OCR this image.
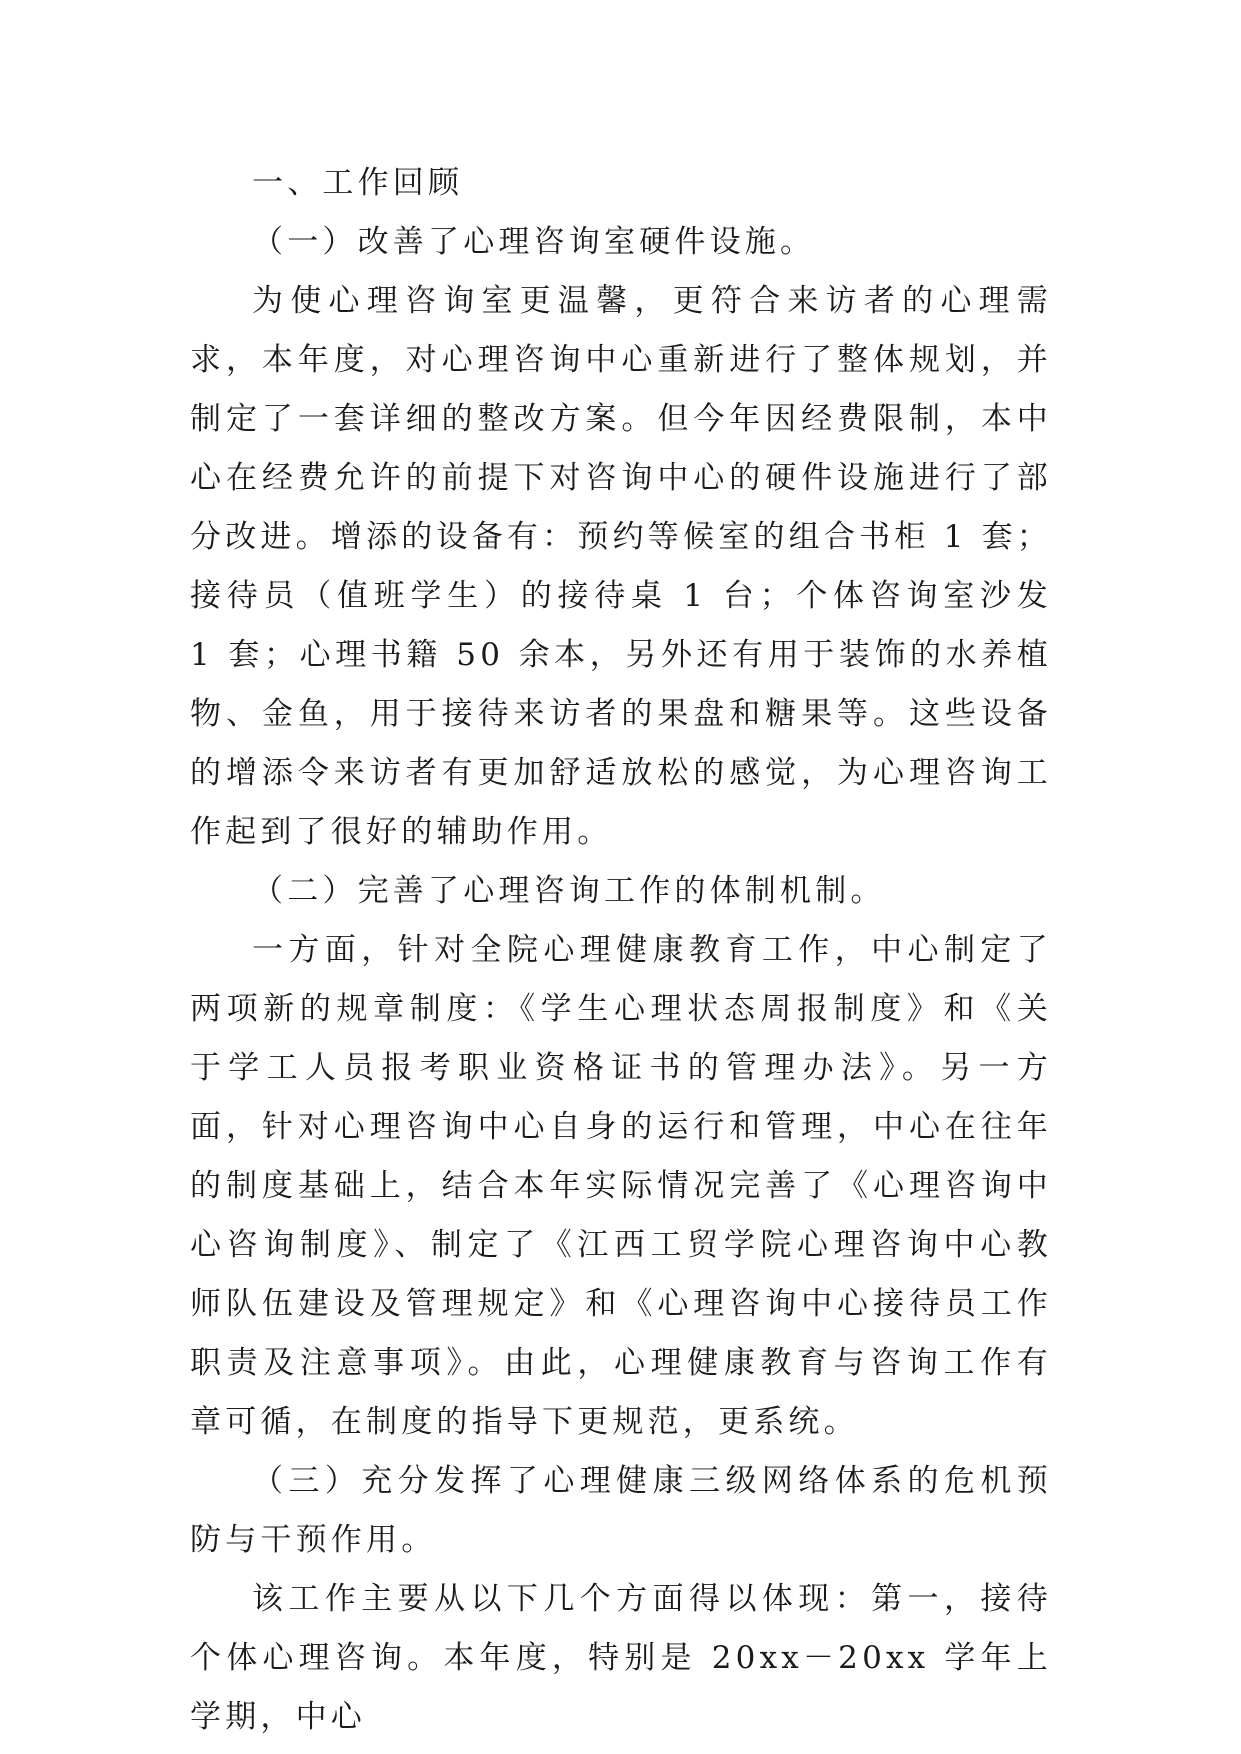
一、工作回顾

（一）改善了心理咨询室硬件设施。

为使心理咨询室更温馨，更符合来访者的心理需求，本年度，对心理咨询中心重新进行了整体规划，并制定了一套详细的整改方案。但今年因经费限制，本中心在经费允许的前提下对咨询中心的硬件设施进行了部分改进。增添的设备有：预约等候室的组合书柜 1 套；接待员（值班学生）的接待桌 1 台；个体咨询室沙发 1 套；心理书籍 50 余本，另外还有用于装饰的水养植物、金鱼，用于接待来访者的果盘和糖果等。这些设备的增添令来访者有更加舒适放松的感觉，为心理咨询工作起到了很好的辅助作用。

（二）完善了心理咨询工作的体制机制。

一方面，针对全院心理健康教育工作，中心制定了两项新的规章制度：《学生心理状态周报制度》和《关于学工人员报考职业资格证书的管理办法》。另一方面，针对心理咨询中心自身的运行和管理，中心在往年的制度基础上，结合本年实际情况完善了《心理咨询中心咨询制度》、制定了《江西工贸学院心理咨询中心教师队伍建设及管理规定》和《心理咨询中心接待员工作职责及注意事项》。由此，心理健康教育与咨询工作有章可循，在制度的指导下更规范，更系统。

（三）充分发挥了心理健康三级网络体系的危机预防与干预作用。

该工作主要从以下几个方面得以体现：第一，接待个体心理咨询。本年度，特别是 20xx－20xx 学年上学期，中心
